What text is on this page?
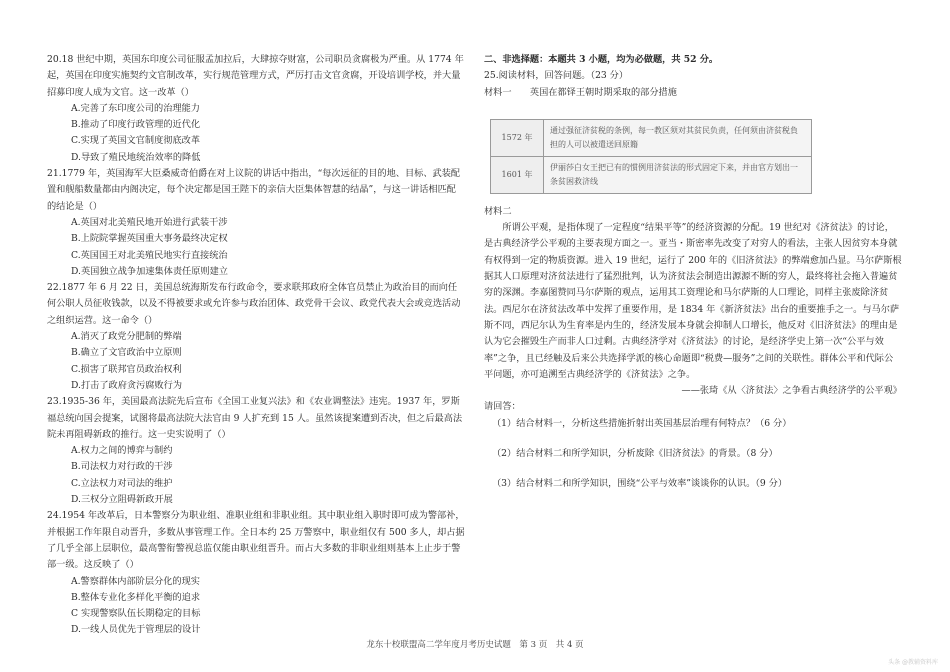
20.18 世纪中期，英国东印度公司征服孟加拉后，大肆掠夺财富，公司职员贪腐极为严重。从 1774 年起，英国在印度实施契约文官制改革，实行规范管理方式，严厉打击文官贪腐，开设培训学校，并大量招募印度人成为文官。这一改革（）

A.完善了东印度公司的治理能力

B.推动了印度行政管理的近代化

C.实现了英国文官制度彻底改革

D.导致了殖民地统治效率的降低

21.1779 年，英国海军大臣桑威奇伯爵在对上议院的讲话中指出，“每次远征的目的地、目标、武装配置和舰船数量都由内阁决定，每个决定都是国王陛下的亲信大臣集体智慧的结晶”，与这一讲话相匹配的结论是（）

A.英国对北美殖民地开始进行武装干涉

B.上院院掌握英国重大事务最终决定权

C.英国国王对北美殖民地实行直接统治

D.英国独立战争加速集体责任原则建立

22.1877 年 6 月 22 日，美国总统海斯发布行政命令，要求联邦政府全体官员禁止为政治目的而向任何公职人员征收钱款，以及不得被要求或允许参与政治团体、政党骨干会议、政党代表大会或竞选活动之组织运营。这一命令（）

A.消灭了政党分肥制的弊端

B.确立了文官政治中立原则

C.损害了联邦官员政治权利

D.打击了政府贪污腐败行为

23.1935-36 年，美国最高法院先后宣布《全国工业复兴法》和《农业调整法》违宪。1937 年，罗斯福总统向国会提案，试图将最高法院大法官由 9 人扩充到 15 人。虽然该提案遭到否决，但之后最高法院未再阻碍新政的推行。这一史实说明了（）

A.权力之间的博弈与制约

B.司法权力对行政的干涉

C.立法权力对司法的维护

D.三权分立阻碍新政开展

24.1954 年改革后，日本警察分为职业组、准职业组和非职业组。其中职业组入职时即可成为警部补，并根据工作年限自动晋升，多数从事管理工作。全日本约 25 万警察中，职业组仅有 500 多人，却占据了几乎全部上层职位，最高警衔警视总监仅能由职业组晋升。而占大多数的非职业组则基本上止步于警部一级。这反映了（）

A.警察群体内部阶层分化的现实

B.整体专业化多样化平衡的追求

C 实现警察队伍长期稳定的目标

D.一线人员优先于管理层的设计

二、非选择题：本题共 3 小题，均为必做题，共 52 分。

25.阅读材料，回答问题。（23 分）

材料一　　英国在都铎王朝时期采取的部分措施

1572 年	通过强征济贫税的条例，每一教区须对其贫民负责，任何须由济贫税負担的人可以被遣送回原籍
1601 年	伊丽莎白女王把已有的惯例用济贫法的形式固定下来，并由官方划出一条贫困救济线

材料二

所谓公平观，是指体现了一定程度“结果平等”的经济资源的分配。19 世纪对《济贫法》的讨论，是古典经济学公平观的主要表现方面之一。亚当・斯密率先改变了对穷人的看法，主张人因贫穷本身就有权得到一定的物质资源。进入 19 世纪，运行了 200 年的《旧济贫法》的弊端愈加凸显。马尔萨斯根据其人口原理对济贫法进行了猛烈批判，认为济贫法会制造出源源不断的穷人，最终将社会拖入普遍贫穷的深渊。李嘉图赞同马尔萨斯的观点，运用其工资理论和马尔萨斯的人口理论，同样主张废除济贫法。西尼尔在济贫法改革中发挥了重要作用，是 1834 年《新济贫法》出台的重要推手之一。与马尔萨斯不同，西尼尔认为生育率是内生的，经济发展本身就会抑制人口增长，他反对《旧济贫法》的理由是认为它会摧毁生产而非人口过剩。古典经济学对《济贫法》的讨论，是经济学史上第一次“公平与效率”之争，且已经触及后来公共选择学派的核心命题即“税费—服务”之间的关联性。群体公平和代际公平问题，亦可追溯至古典经济学的《济贫法》之争。

——张琦《从〈济贫法〉之争看古典经济学的公平观》

请回答：

（1）结合材料一，分析这些措施折射出英国基层治理有何特点？（6 分）

（2）结合材料二和所学知识，分析废除《旧济贫法》的背景。（8 分）

（3）结合材料二和所学知识，围绕“公平与效率”谈谈你的认识。（9 分）

龙东十校联盟高二学年度月考历史试题　第 3 页　共 4 页
头条 @教辅资料库
